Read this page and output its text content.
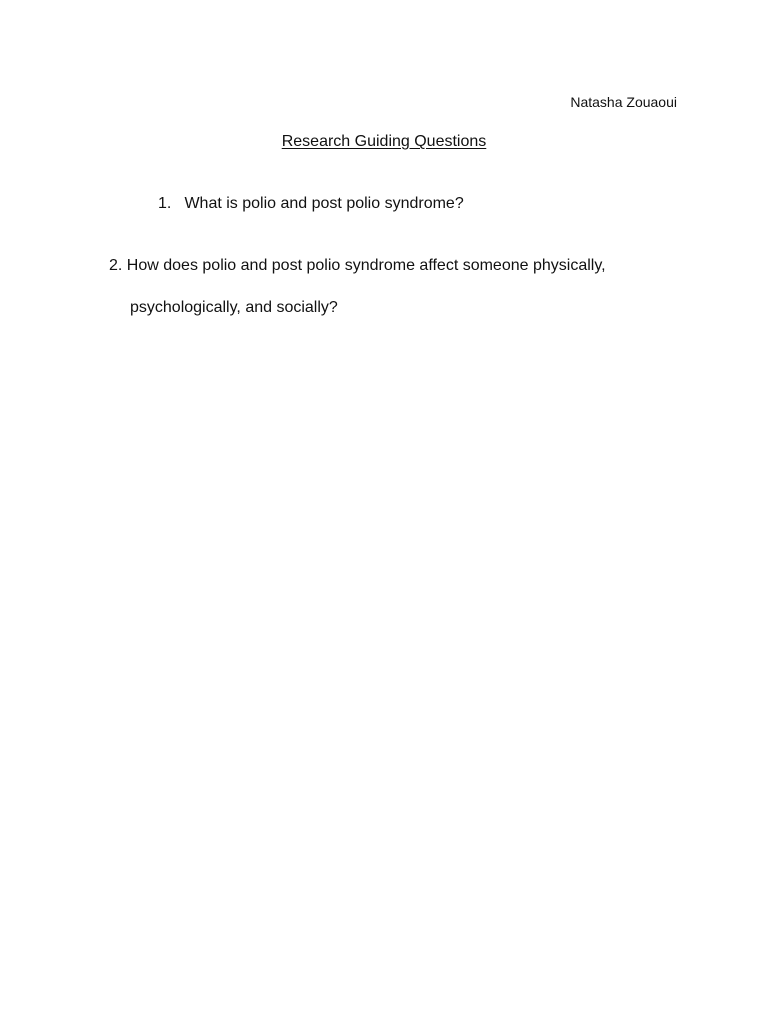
Natasha Zouaoui
Research Guiding Questions
1. What is polio and post polio syndrome?
2. How does polio and post polio syndrome affect someone physically,
psychologically, and socially?
